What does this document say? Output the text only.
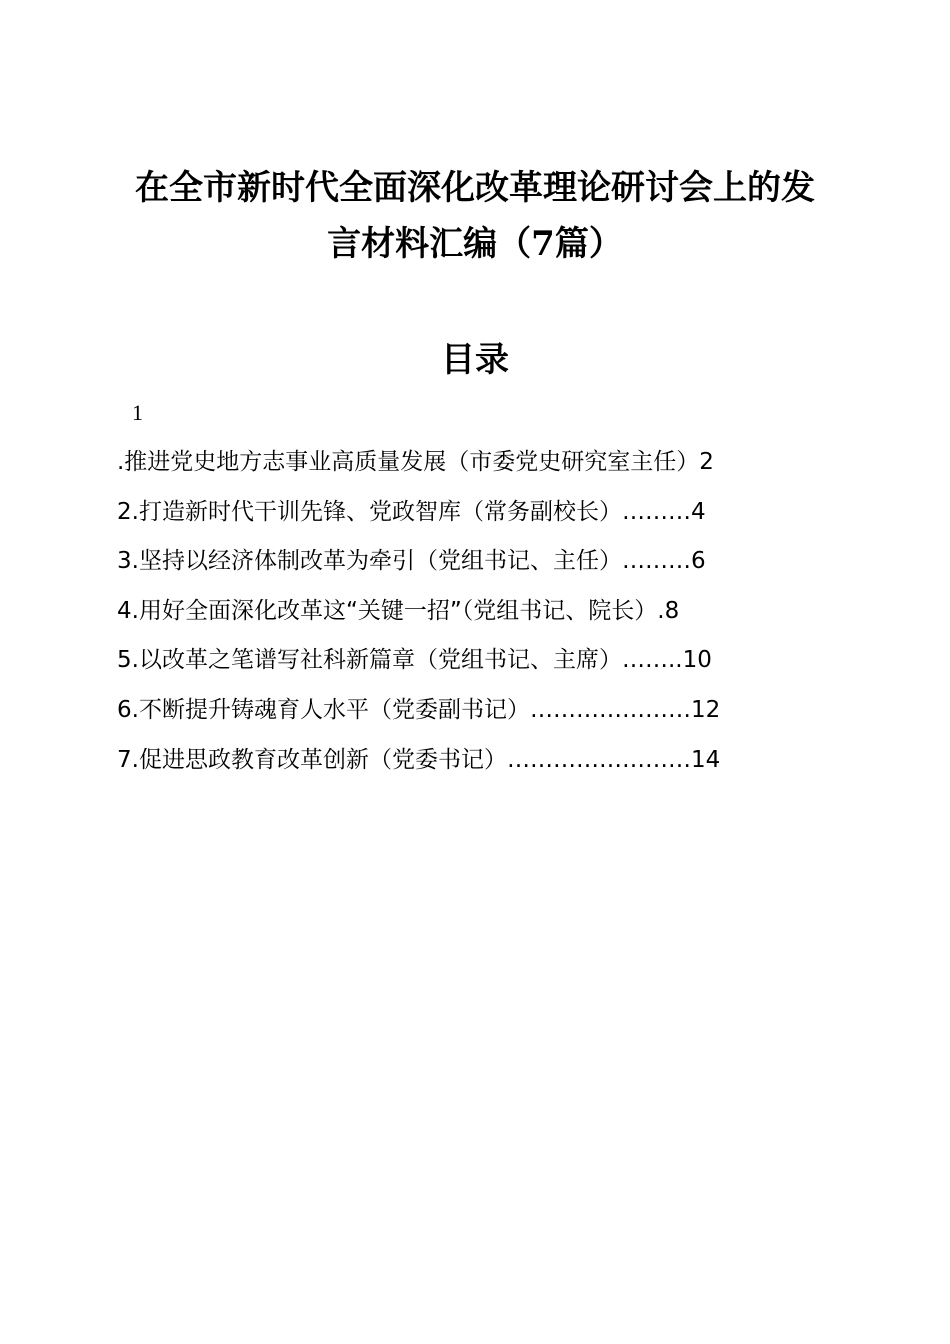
在全市新时代全面深化改革理论研讨会上的发
言材料汇编（7篇）
目录
1
.推进党史地方志事业高质量发展（市委党史研究室主任）2
2.打造新时代干训先锋、党政智库（常务副校长）………4
3.坚持以经济体制改革为牵引（党组书记、主任）………6
4.用好全面深化改革这“关键一招”（党组书记、院长）.8
5.以改革之笔谱写社科新篇章（党组书记、主席）……..10
6.不断提升铸魂育人水平（党委副书记）…………………12
7.促进思政教育改革创新（党委书记）……………………14
